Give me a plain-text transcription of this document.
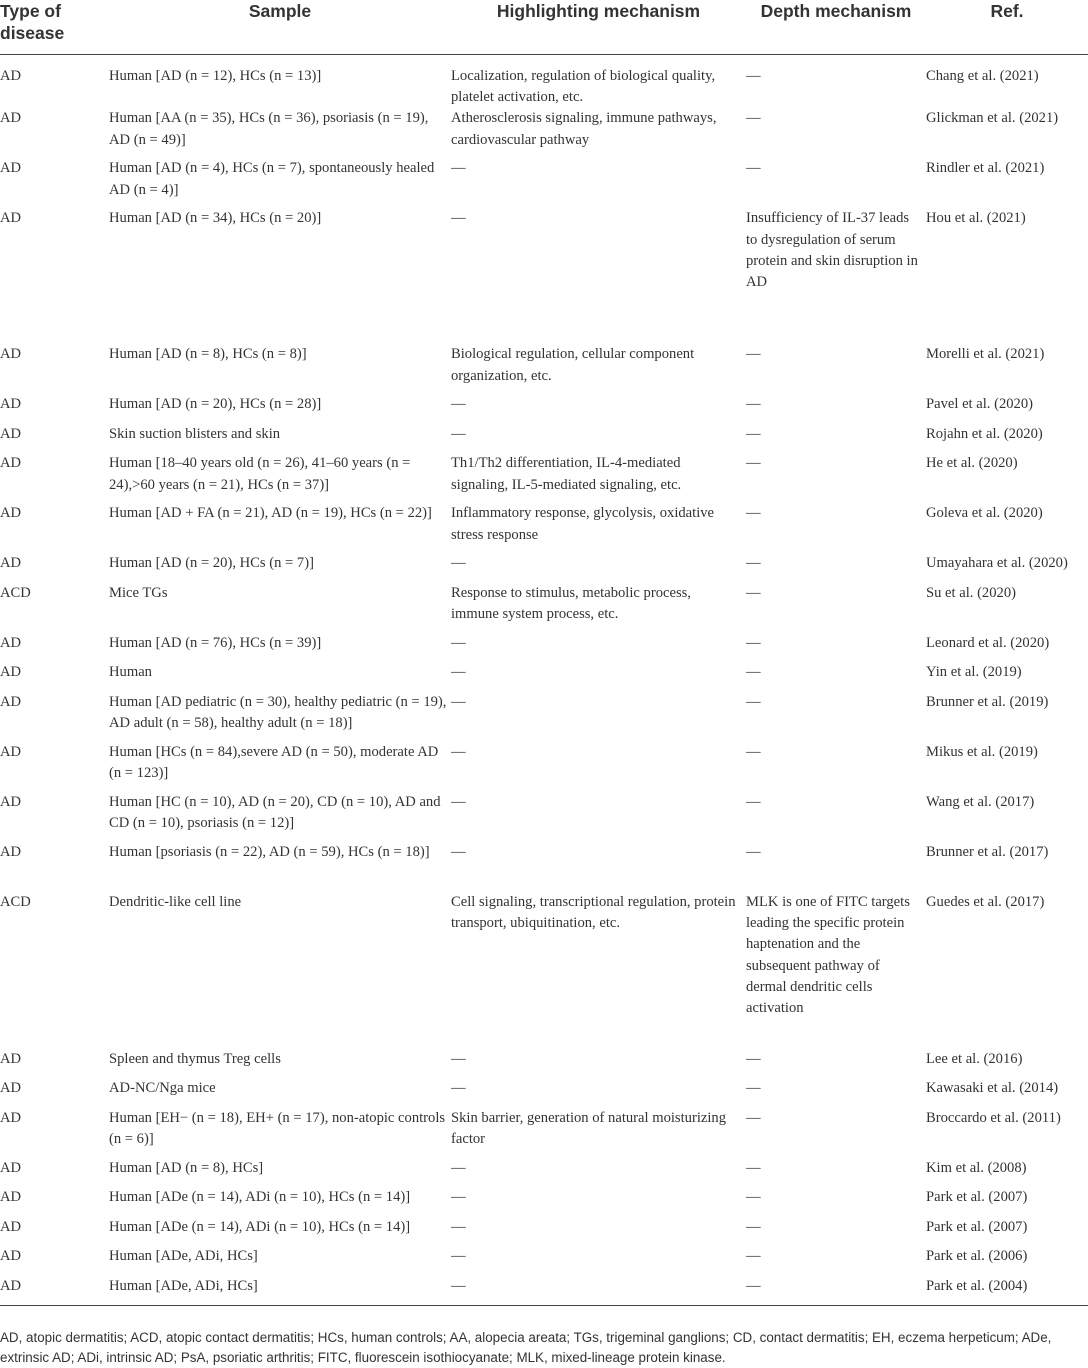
Type of disease	Sample	Highlighting mechanism	Depth mechanism	Ref.
AD	Human [AD (n = 12), HCs (n = 13)]	Localization, regulation of biological quality, platelet activation, etc.	—	Chang et al. (2021)
AD	Human [AA (n = 35), HCs (n = 36), psoriasis (n = 19), AD (n = 49)]	Atherosclerosis signaling, immune pathways, cardiovascular pathway	—	Glickman et al. (2021)
AD	Human [AD (n = 4), HCs (n = 7), spontaneously healed AD (n = 4)]	—	—	Rindler et al. (2021)
AD	Human [AD (n = 34), HCs (n = 20)]	—	Insufficiency of IL-37 leads to dysregulation of serum protein and skin disruption in AD	Hou et al. (2021)
AD	Human [AD (n = 8), HCs (n = 8)]	Biological regulation, cellular component organization, etc.	—	Morelli et al. (2021)
AD	Human [AD (n = 20), HCs (n = 28)]	—	—	Pavel et al. (2020)
AD	Skin suction blisters and skin	—	—	Rojahn et al. (2020)
AD	Human [18–40 years old (n = 26), 41–60 years (n = 24),>60 years (n = 21), HCs (n = 37)]	Th1/Th2 differentiation, IL-4-mediated signaling, IL-5-mediated signaling, etc.	—	He et al. (2020)
AD	Human [AD + FA (n = 21), AD (n = 19), HCs (n = 22)]	Inflammatory response, glycolysis, oxidative stress response	—	Goleva et al. (2020)
AD	Human [AD (n = 20), HCs (n = 7)]	—	—	Umayahara et al. (2020)
ACD	Mice TGs	Response to stimulus, metabolic process, immune system process, etc.	—	Su et al. (2020)
AD	Human [AD (n = 76), HCs (n = 39)]	—	—	Leonard et al. (2020)
AD	Human	—	—	Yin et al. (2019)
AD	Human [AD pediatric (n = 30), healthy pediatric (n = 19), AD adult (n = 58), healthy adult (n = 18)]	—	—	Brunner et al. (2019)
AD	Human [HCs (n = 84),severe AD (n = 50), moderate AD (n = 123)]	—	—	Mikus et al. (2019)
AD	Human [HC (n = 10), AD (n = 20), CD (n = 10), AD and CD (n = 10), psoriasis (n = 12)]	—	—	Wang et al. (2017)
AD	Human [psoriasis (n = 22), AD (n = 59), HCs (n = 18)]	—	—	Brunner et al. (2017)
ACD	Dendritic-like cell line	Cell signaling, transcriptional regulation, protein transport, ubiquitination, etc.	MLK is one of FITC targets leading the specific protein haptenation and the subsequent pathway of dermal dendritic cells activation	Guedes et al. (2017)
AD	Spleen and thymus Treg cells	—	—	Lee et al. (2016)
AD	AD-NC/Nga mice	—	—	Kawasaki et al. (2014)
AD	Human [EH− (n = 18), EH+ (n = 17), non-atopic controls (n = 6)]	Skin barrier, generation of natural moisturizing factor	—	Broccardo et al. (2011)
AD	Human [AD (n = 8), HCs]	—	—	Kim et al. (2008)
AD	Human [ADe (n = 14), ADi (n = 10), HCs (n = 14)]	—	—	Park et al. (2007)
AD	Human [ADe (n = 14), ADi (n = 10), HCs (n = 14)]	—	—	Park et al. (2007)
AD	Human [ADe, ADi, HCs]	—	—	Park et al. (2006)
AD	Human [ADe, ADi, HCs]	—	—	Park et al. (2004)
AD, atopic dermatitis; ACD, atopic contact dermatitis; HCs, human controls; AA, alopecia areata; TGs, trigeminal ganglions; CD, contact dermatitis; EH, eczema herpeticum; ADe, extrinsic AD; ADi, intrinsic AD; PsA, psoriatic arthritis; FITC, fluorescein isothiocyanate; MLK, mixed-lineage protein kinase.
